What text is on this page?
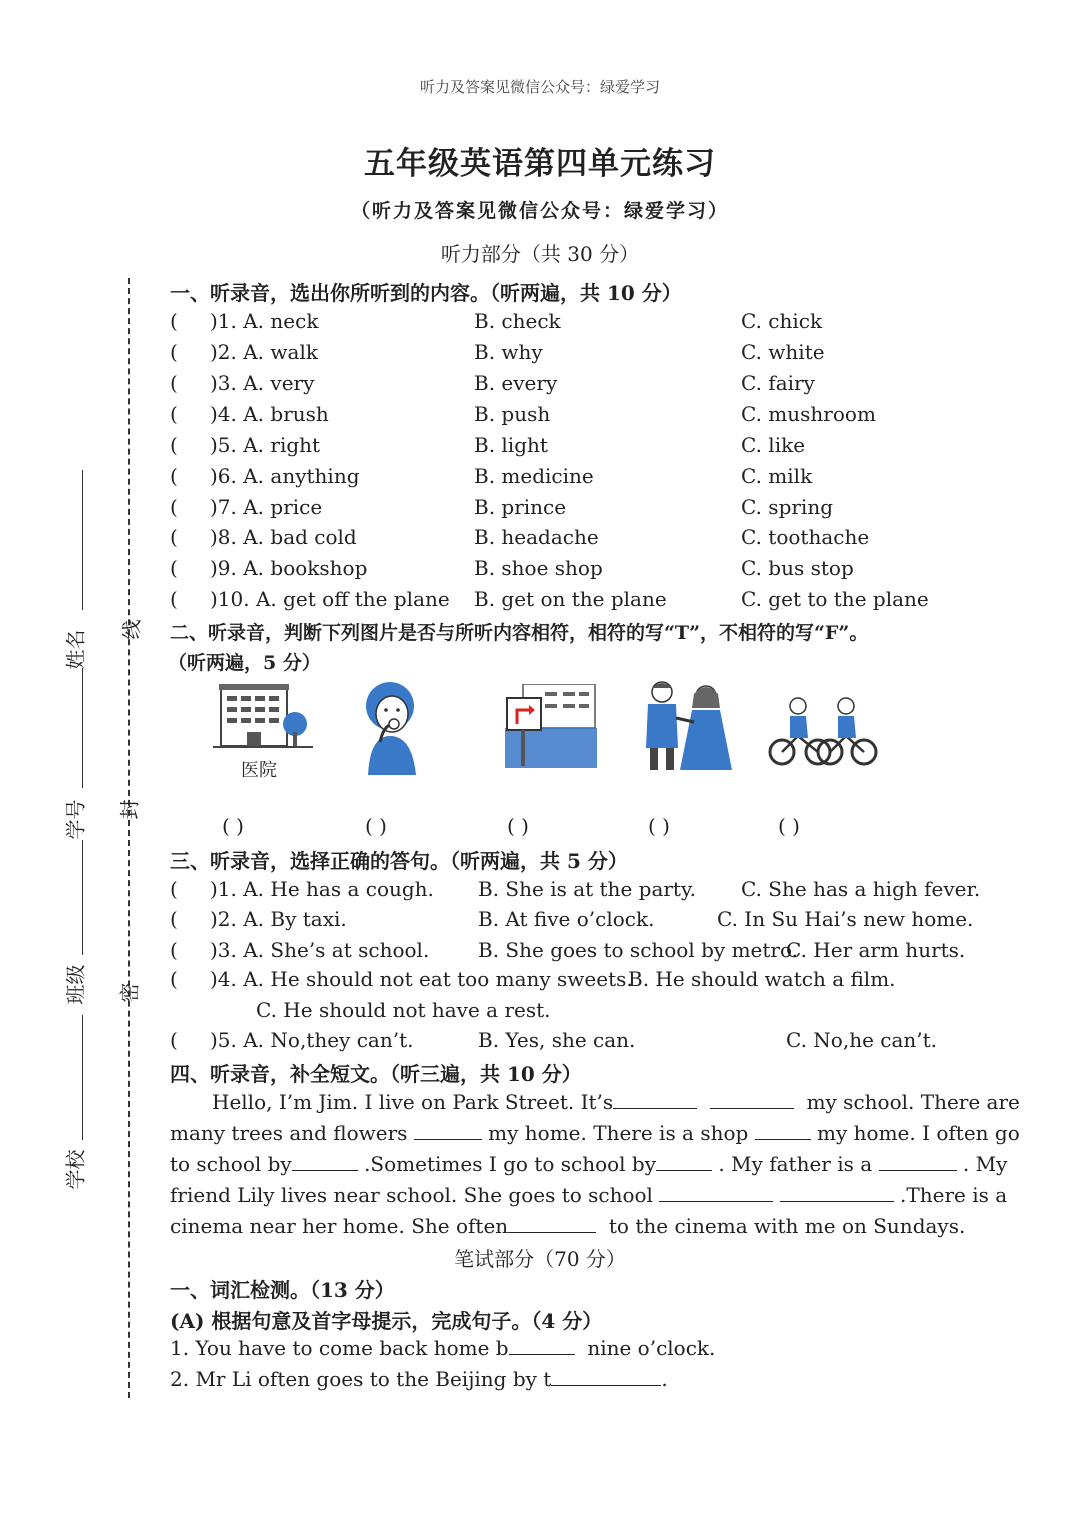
听力及答案见微信公众号：绿爱学习
五年级英语第四单元练习
（听力及答案见微信公众号：绿爱学习）
听力部分（共 30 分）
线
封
密
姓名
学号
班级
学校
一、听录音，选出你所听到的内容。（听两遍，共 10 分）
( )1. A. neck	B. check	C. chick
( )2. A. walk	B. why	C. white
( )3. A. very	B. every	C. fairy
( )4. A. brush	B. push	C. mushroom
( )5. A. right	B. light	C. like
( )6. A. anything	B. medicine	C. milk
( )7. A. price	B. prince	C. spring
( )8. A. bad cold	B. headache	C. toothache
( )9. A. bookshop	B. shoe shop	C. bus stop
( )10. A. get off the plane B. get on the plane	C. get to the plane
二、听录音，判断下列图片是否与所听内容相符，相符的写“T”，不相符的写“F”。
（听两遍，5 分）
医院
( )	( )	( )	( )	( )
三、听录音，选择正确的答句。（听两遍，共 5 分）
( )1. A. He has a cough. B. She is at the party. C. She has a high fever.
( )2. A. By taxi.	B. At five o’clock.	C. In Su Hai’s new home.
( )3. A. She’s at school. B. She goes to school by metro.
C. Her arm hurts.
( )4. A. He should not eat too many sweets.
B. He should watch a film.
C. He should not have a rest.
( )5. A. No,they can’t.	B. Yes, she can.	C. No,he can’t.
四、听录音，补全短文。（听三遍，共 10 分）
Hello, I’m Jim. I live on Park Street. It’s	my school. There are
many trees and flowers	my home. There is a shop	my home. I often go
to school by	.Sometimes I go to school by	. My father is a	. My
friend Lily lives near school. She goes to school	.There is a
cinema near her home. She often	to the cinema with me on Sundays.
笔试部分（70 分）
一、词汇检测。（13 分）
(A) 根据句意及首字母提示，完成句子。（4 分）
1. You have to come back home b	nine o’clock.
2. Mr Li often goes to the Beijing by t	.
